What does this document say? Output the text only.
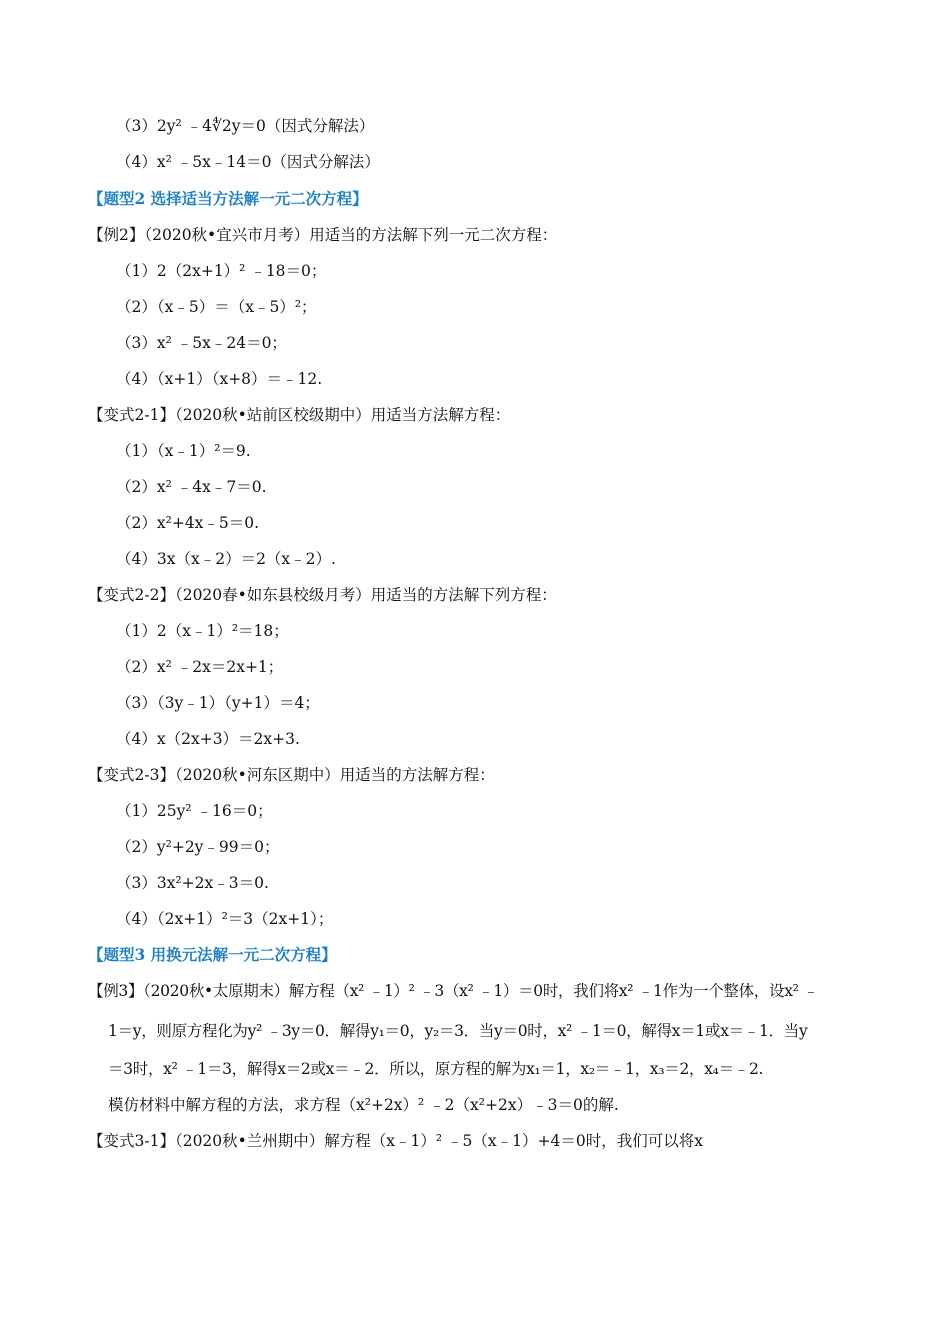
（3）2y² ﹣4∜2y＝0（因式分解法）
（4）x² ﹣5x﹣14＝0（因式分解法）
【题型2 选择适当方法解一元二次方程】
【例2】（2020秋•宜兴市月考）用适当的方法解下列一元二次方程：
（1）2（2x+1）² ﹣18＝0；
（2）（x﹣5）＝（x﹣5）²；
（3）x² ﹣5x﹣24＝0；
（4）（x+1）（x+8）＝﹣12.
【变式2-1】（2020秋•站前区校级期中）用适当方法解方程：
（1）（x﹣1）²＝9.
（2）x² ﹣4x﹣7＝0.
（2）x²+4x﹣5＝0.
（4）3x（x﹣2）＝2（x﹣2）.
【变式2-2】（2020春•如东县校级月考）用适当的方法解下列方程：
（1）2（x﹣1）²＝18；
（2）x² ﹣2x＝2x+1；
（3）（3y﹣1）（y+1）＝4；
（4）x（2x+3）＝2x+3.
【变式2-3】（2020秋•河东区期中）用适当的方法解方程：
（1）25y² ﹣16＝0；
（2）y²+2y﹣99＝0；
（3）3x²+2x﹣3＝0.
（4）（2x+1）²＝3（2x+1）；
【题型3 用换元法解一元二次方程】
【例3】（2020秋•太原期末）解方程（x² ﹣1）² ﹣3（x² ﹣1）＝0时，我们将x² ﹣1作为一个整体，设x² ﹣
1＝y，则原方程化为y² ﹣3y＝0．解得y₁＝0，y₂＝3．当y＝0时，x² ﹣1＝0，解得x＝1或x＝﹣1．当y
＝3时，x² ﹣1＝3，解得x＝2或x＝﹣2．所以，原方程的解为x₁＝1，x₂＝﹣1，x₃＝2，x₄＝﹣2.
模仿材料中解方程的方法，求方程（x²+2x）² ﹣2（x²+2x）﹣3＝0的解.
【变式3-1】（2020秋•兰州期中）解方程（x﹣1）² ﹣5（x﹣1）+4＝0时，我们可以将x
